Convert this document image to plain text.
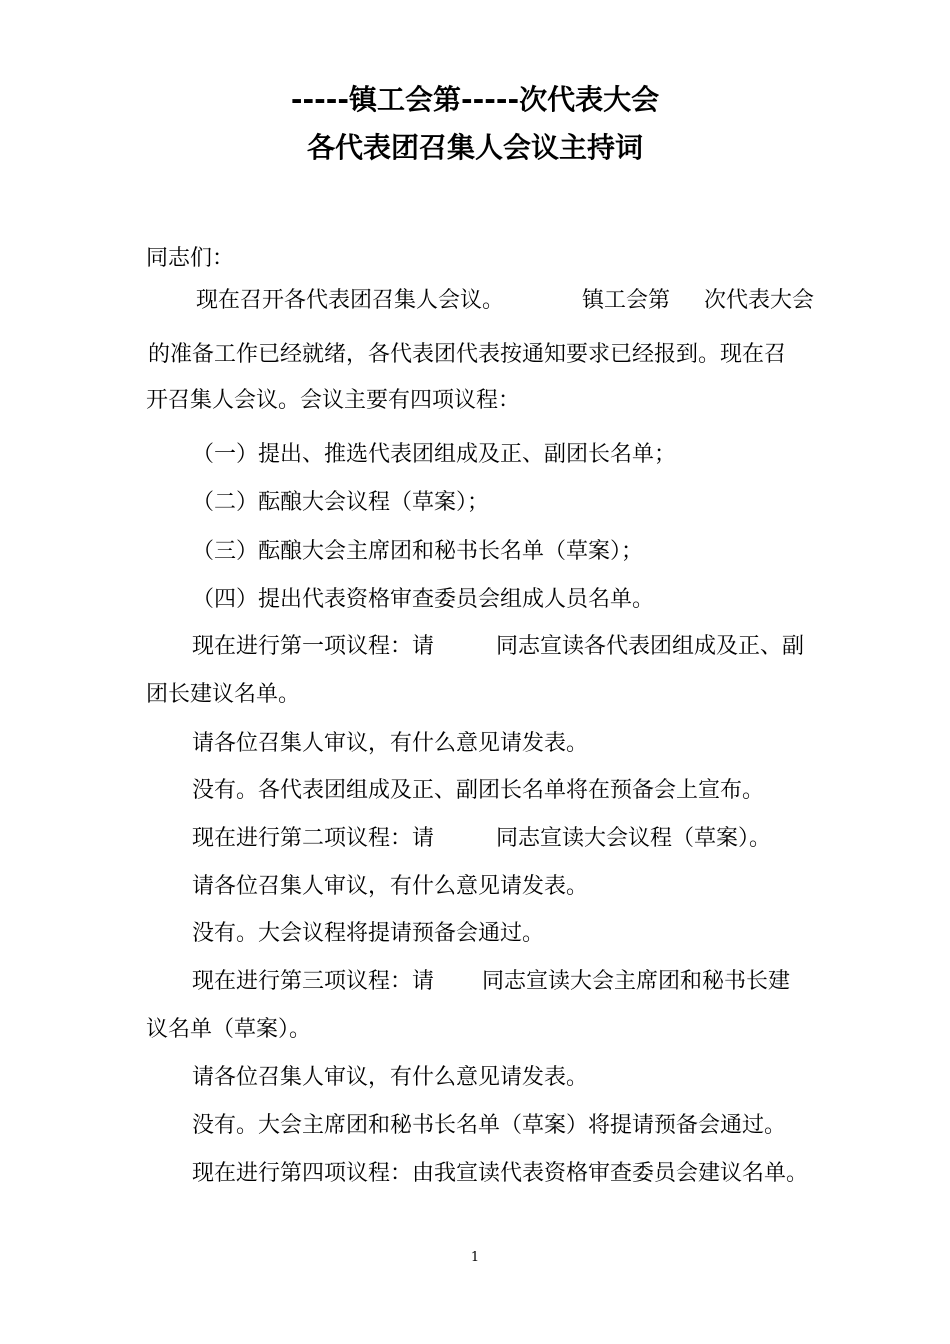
-----镇工会第-----次代表大会
各代表团召集人会议主持词
同志们：
现在召开各代表团召集人会议。	镇工会第 次代表大会
的准备工作已经就绪，各代表团代表按通知要求已经报到。现在召
开召集人会议。会议主要有四项议程：
（一）提出、推选代表团组成及正、副团长名单；
（二）酝酿大会议程（草案）；
（三）酝酿大会主席团和秘书长名单（草案）；
（四）提出代表资格审查委员会组成人员名单。
现在进行第一项议程：请	同志宣读各代表团组成及正、副
团长建议名单。
请各位召集人审议，有什么意见请发表。
没有。各代表团组成及正、副团长名单将在预备会上宣布。
现在进行第二项议程：请	同志宣读大会议程（草案）。
请各位召集人审议，有什么意见请发表。
没有。大会议程将提请预备会通过。
现在进行第三项议程：请 同志宣读大会主席团和秘书长建
议名单（草案）。
请各位召集人审议，有什么意见请发表。
没有。大会主席团和秘书长名单（草案）将提请预备会通过。
现在进行第四项议程：由我宣读代表资格审查委员会建议名单。
1
